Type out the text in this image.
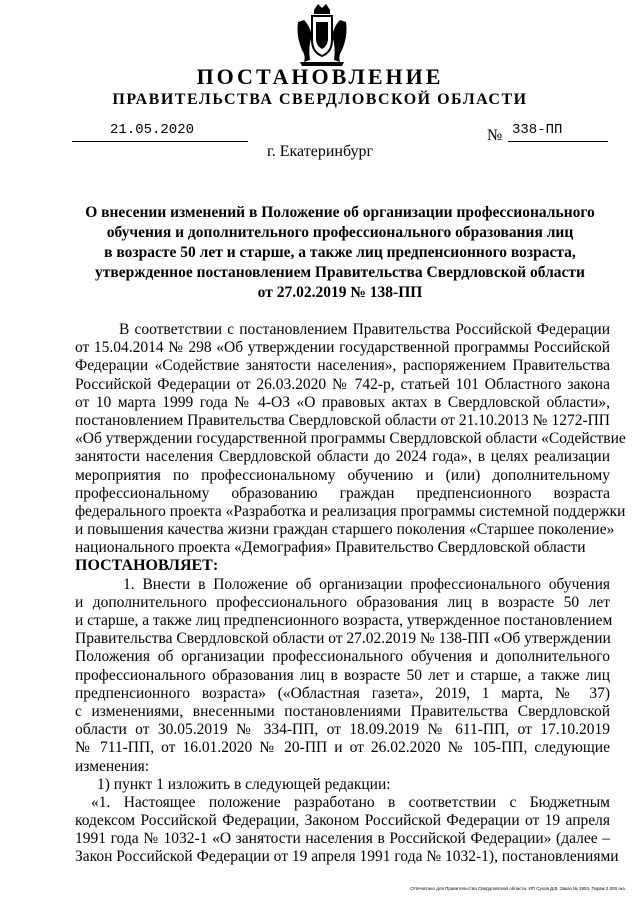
ПОСТАНОВЛЕНИЕ
ПРАВИТЕЛЬСТВА СВЕРДЛОВСКОЙ ОБЛАСТИ
21.05.2020	№ 338-ПП
г. Екатеринбург
О внесении изменений в Положение об организации профессионального
обучения и дополнительного профессионального образования лиц
в возрасте 50 лет и старше, а также лиц предпенсионного возраста,
утвержденное постановлением Правительства Свердловской области
от 27.02.2019 № 138-ПП
В соответствии с постановлением Правительства Российской Федерации
от 15.04.2014 № 298 «Об утверждении государственной программы Российской
Федерации «Содействие занятости населения», распоряжением Правительства
Российской Федерации от 26.03.2020 № 742-р, статьей 101 Областного закона
от 10 марта 1999 года № 4-ОЗ «О правовых актах в Свердловской области»,
постановлением Правительства Свердловской области от 21.10.2013 № 1272-ПП
«Об утверждении государственной программы Свердловской области «Содействие
занятости населения Свердловской области до 2024 года», в целях реализации
мероприятия по профессиональному обучению и (или) дополнительному
профессиональному образованию граждан предпенсионного возраста
федерального проекта «Разработка и реализация программы системной поддержки
и повышения качества жизни граждан старшего поколения «Старшее поколение»
национального проекта «Демография» Правительство Свердловской области
ПОСТАНОВЛЯЕТ:
1. Внести в Положение об организации профессионального обучения
и дополнительного профессионального образования лиц в возрасте 50 лет
и старше, а также лиц предпенсионного возраста, утвержденное постановлением
Правительства Свердловской области от 27.02.2019 № 138-ПП «Об утверждении
Положения об организации профессионального обучения и дополнительного
профессионального образования лиц в возрасте 50 лет и старше, а также лиц
предпенсионного возраста» («Областная газета», 2019, 1 марта, № 37)
с изменениями, внесенными постановлениями Правительства Свердловской
области от 30.05.2019 № 334-ПП, от 18.09.2019 № 611-ПП, от 17.10.2019
№ 711-ПП, от 16.01.2020 № 20-ПП и от 26.02.2020 № 105-ПП, следующие
изменения:
1) пункт 1 изложить в следующей редакции:
«1. Настоящее положение разработано в соответствии с Бюджетным
кодексом Российской Федерации, Законом Российской Федерации от 19 апреля
1991 года № 1032-1 «О занятости населения в Российской Федерации» (далее –
Закон Российской Федерации от 19 апреля 1991 года № 1032-1), постановлениями
Отпечатано для Правительства Свердловской области. ИП Сухов Д.В. Заказ № 1953. Тираж 2 000 экз.
